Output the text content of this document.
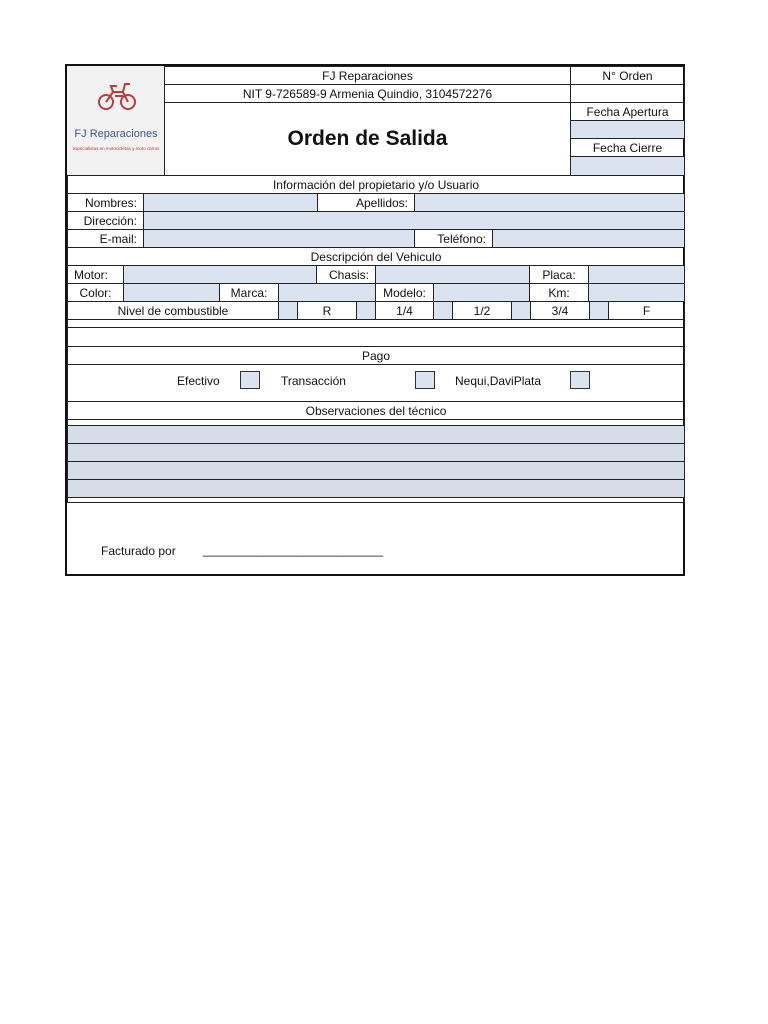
FJ Reparaciones
especialistas en motocicletas y moto carros
FJ Reparaciones
NIT 9-726589-9 Armenia Quindio, 3104572276
Orden de Salida
N° Orden
Fecha Apertura
Fecha Cierre
Información del propietario y/o Usuario
Nombres:	Apellidos:
Dirección:
E-mail:	Teléfono:
Descripción del Vehiculo
Motor:	Chasis:	Placa:
Color:	Marca:	Modelo:	Km:
Nivel de combustible	R	1/4	1/2	3/4	F
Pago
Efectivo	Transacción	Nequi,DaviPlata
Observaciones del técnico
Facturado por ___________________________
